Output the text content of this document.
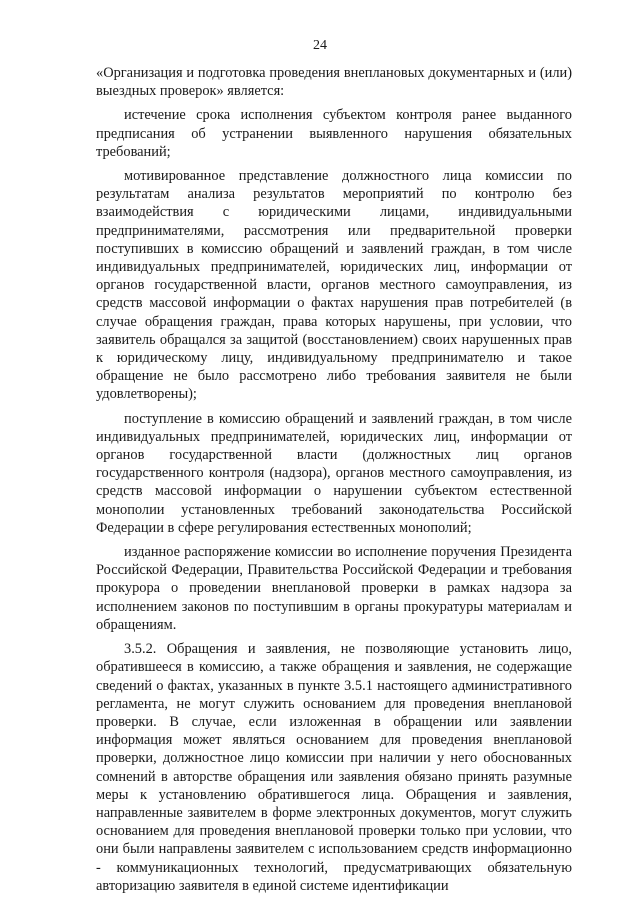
24

«Организация и подготовка проведения внеплановых документарных и (или) выездных проверок» является:

истечение срока исполнения субъектом контроля ранее выданного предписания об устранении выявленного нарушения обязательных требований;

мотивированное представление должностного лица комиссии по результатам анализа результатов мероприятий по контролю без взаимодействия с юридическими лицами, индивидуальными предпринимателями, рассмотрения или предварительной проверки поступивших в комиссию обращений и заявлений граждан, в том числе индивидуальных предпринимателей, юридических лиц, информации от органов государственной власти, органов местного самоуправления, из средств массовой информации о фактах нарушения прав потребителей (в случае обращения граждан, права которых нарушены, при условии, что заявитель обращался за защитой (восстановлением) своих нарушенных прав к юридическому лицу, индивидуальному предпринимателю и такое обращение не было рассмотрено либо требования заявителя не были удовлетворены);

поступление в комиссию обращений и заявлений граждан, в том числе индивидуальных предпринимателей, юридических лиц, информации от органов государственной власти (должностных лиц органов государственного контроля (надзора), органов местного самоуправления, из средств массовой информации о нарушении субъектом естественной монополии установленных требований законодательства Российской Федерации в сфере регулирования естественных монополий;

изданное распоряжение комиссии во исполнение поручения Президента Российской Федерации, Правительства Российской Федерации и требования прокурора о проведении внеплановой проверки в рамках надзора за исполнением законов по поступившим в органы прокуратуры материалам и обращениям.

3.5.2. Обращения и заявления, не позволяющие установить лицо, обратившееся в комиссию, а также обращения и заявления, не содержащие сведений о фактах, указанных в пункте 3.5.1 настоящего административного регламента, не могут служить основанием для проведения внеплановой проверки. В случае, если изложенная в обращении или заявлении информация может являться основанием для проведения внеплановой проверки, должностное лицо комиссии при наличии у него обоснованных сомнений в авторстве обращения или заявления обязано принять разумные меры к установлению обратившегося лица. Обращения и заявления, направленные заявителем в форме электронных документов, могут служить основанием для проведения внеплановой проверки только при условии, что они были направлены заявителем с использованием средств информационно - коммуникационных технологий, предусматривающих обязательную авторизацию заявителя в единой системе идентификации
